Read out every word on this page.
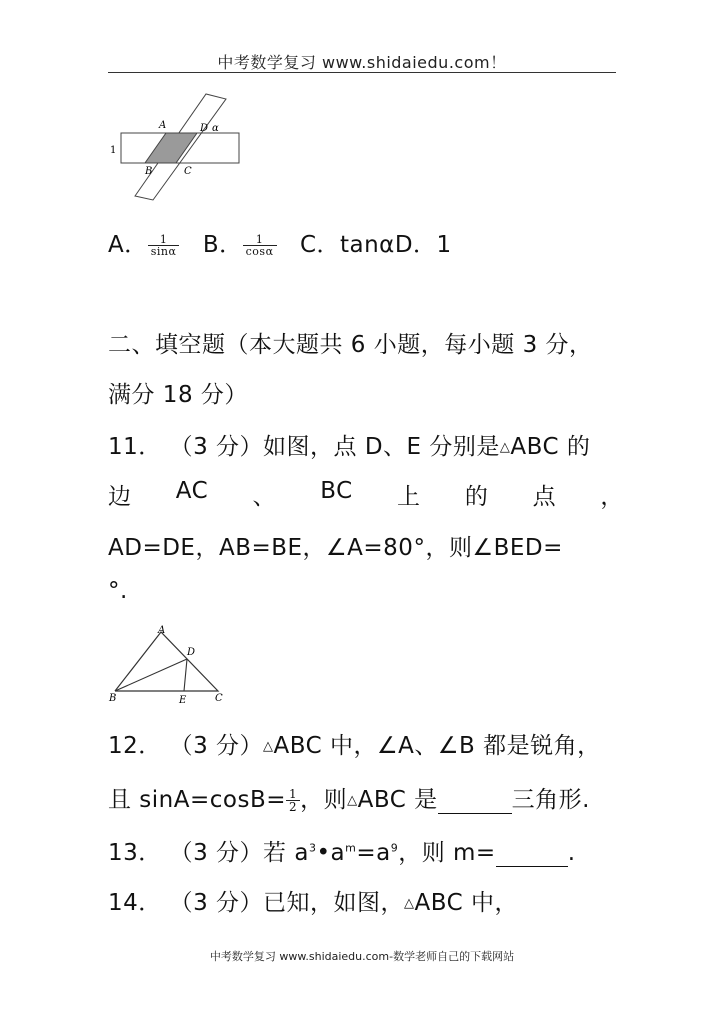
中考数学复习 www.shidaiedu.com！
1
A	D α
B	C
A． $\frac{1}{\sin\alpha}$ B． $\frac{1}{\cos\alpha}$ C．tanαD．1
二、填空题（本大题共 6 小题，每小题 3 分，
满分 18 分）
11． （3 分）如图，点 D、E 分别是△ABC 的
边 AC 、 BC 上 的 点 ，
AD=DE，AB=BE，∠A=80°，则∠BED=
°.
A
D
B	E	C
12． （3 分）△ABC 中，∠A、∠B 都是锐角，
且 $\sin A=\cos B= \frac{1}{2}$ ，则△ABC 是	三角形.
13． （3 分）若 $a^3•a^m=a^9$，则 m=	.
14． （3 分）已知，如图，△ABC 中，
中考数学复习 www.shidaiedu.com-数学老师自己的下载网站
